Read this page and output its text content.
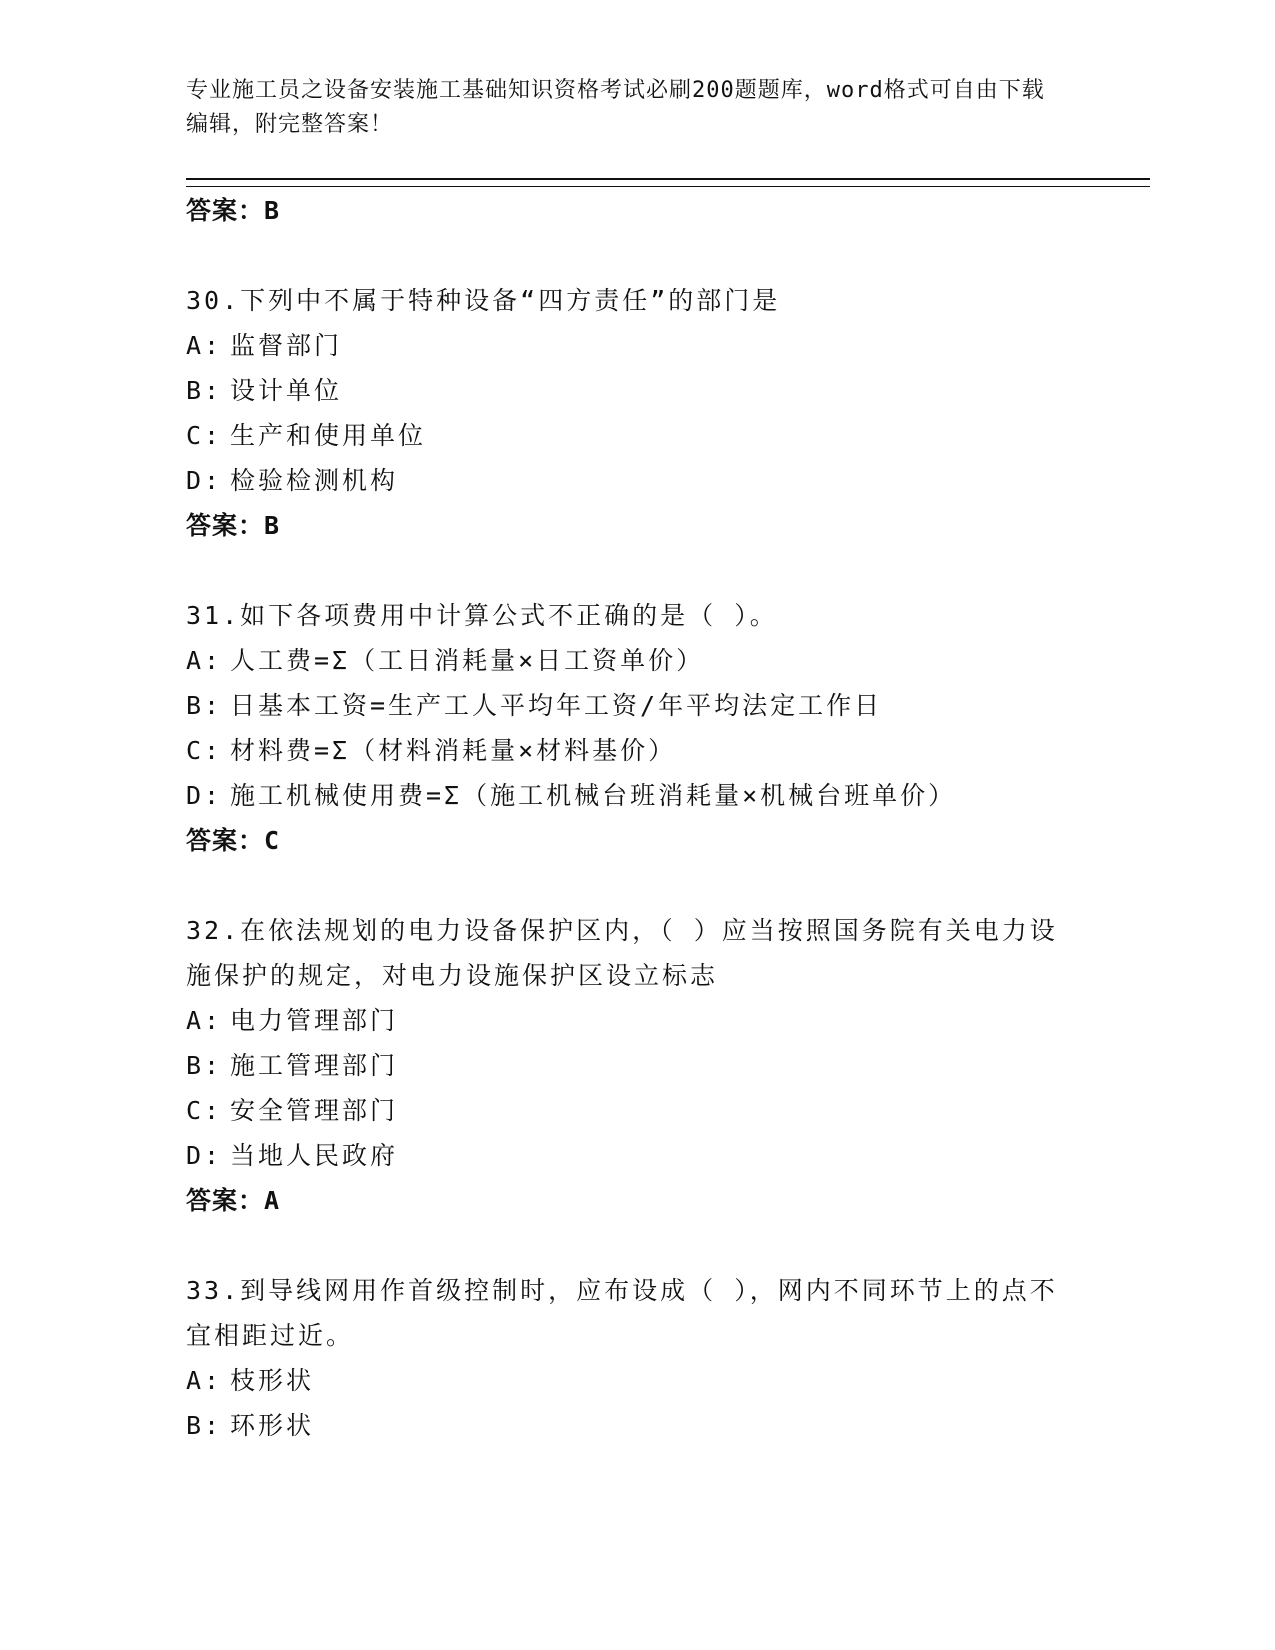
专业施工员之设备安装施工基础知识资格考试必刷200题题库，word格式可自由下载编辑，附完整答案！
答案：B
30.下列中不属于特种设备“四方责任”的部门是
A: 监督部门
B: 设计单位
C: 生产和使用单位
D: 检验检测机构
答案：B
31.如下各项费用中计算公式不正确的是（ ）。
A: 人工费=Σ（工日消耗量×日工资单价）
B: 日基本工资=生产工人平均年工资/年平均法定工作日
C: 材料费=Σ（材料消耗量×材料基价）
D: 施工机械使用费=Σ（施工机械台班消耗量×机械台班单价）
答案：C
32.在依法规划的电力设备保护区内，（ ）应当按照国务院有关电力设施保护的规定，对电力设施保护区设立标志
A: 电力管理部门
B: 施工管理部门
C: 安全管理部门
D: 当地人民政府
答案：A
33.到导线网用作首级控制时，应布设成（ ），网内不同环节上的点不宜相距过近。
A: 枝形状
B: 环形状
